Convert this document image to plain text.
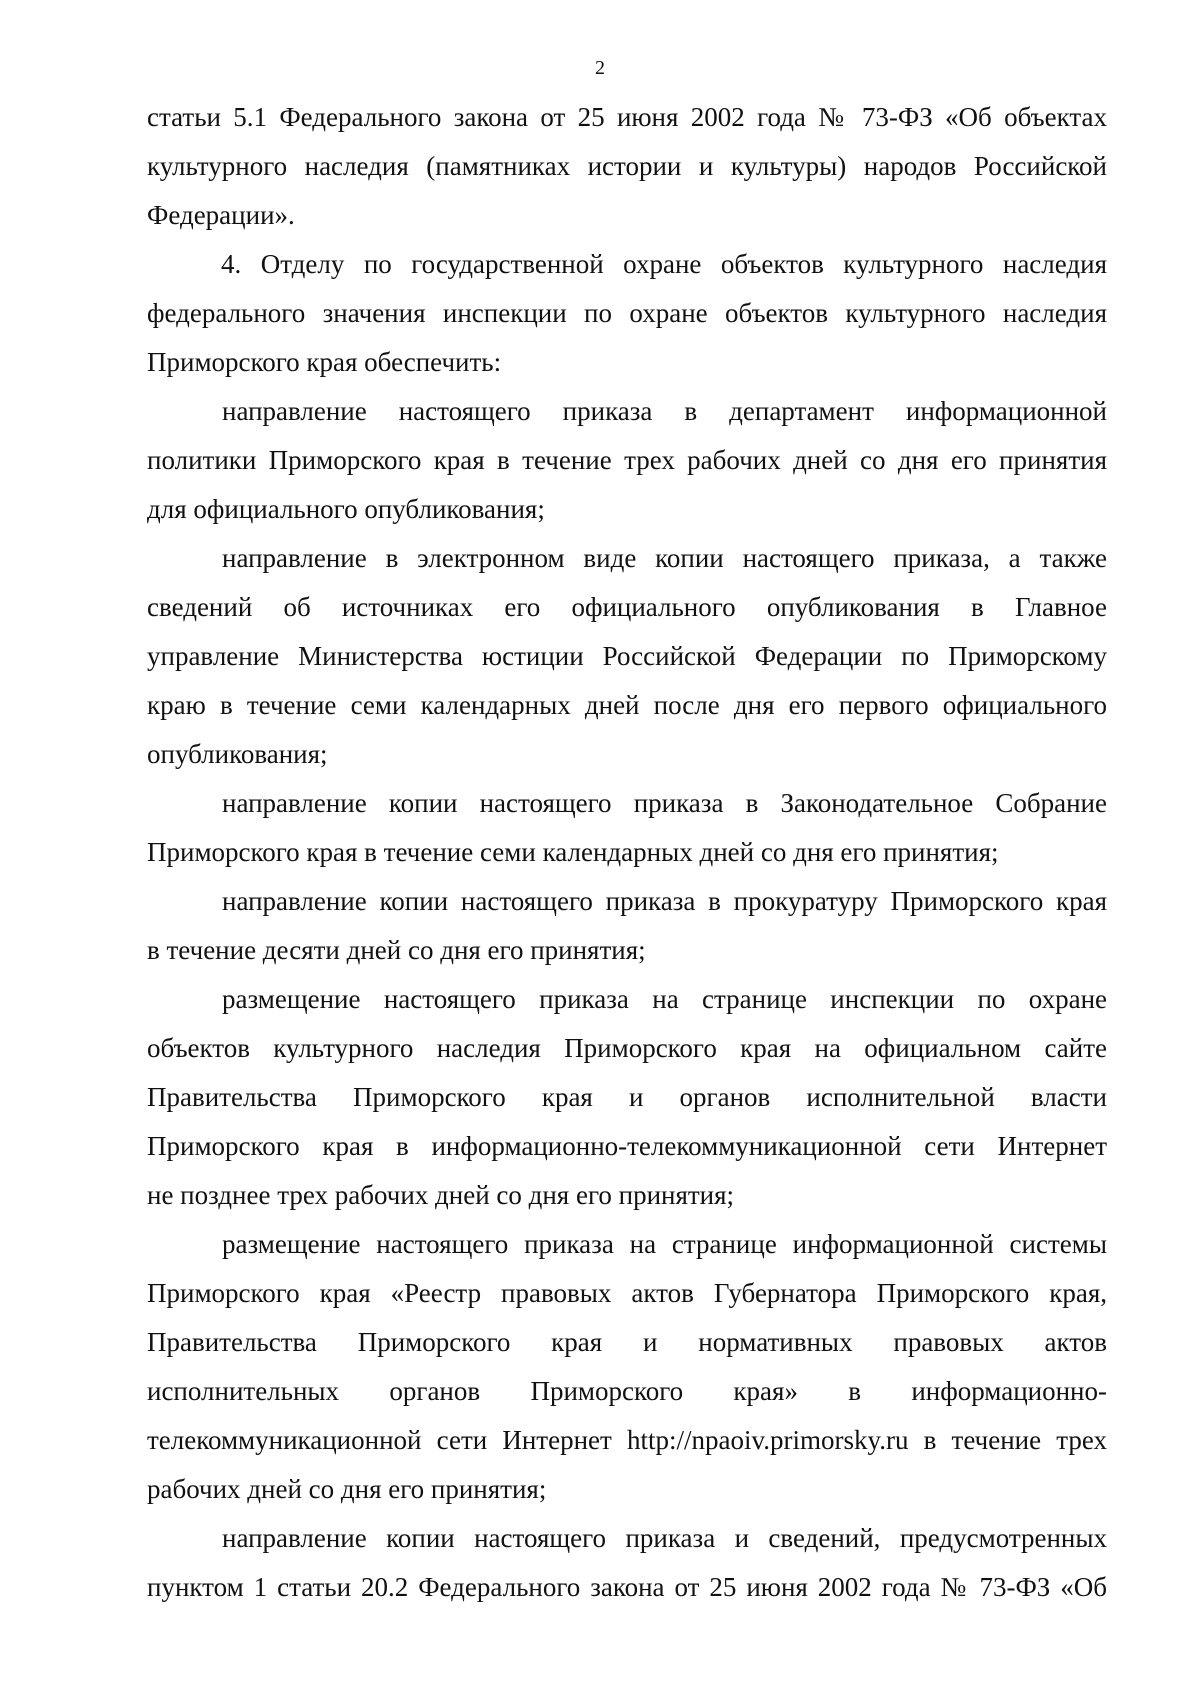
2
статьи 5.1 Федерального закона от 25 июня 2002 года № 73-ФЗ «Об объектах
культурного наследия (памятниках истории и культуры) народов Российской
Федерации».
4. Отделу по государственной охране объектов культурного наследия
федерального значения инспекции по охране объектов культурного наследия
Приморского края обеспечить:
направление настоящего приказа в департамент информационной
политики Приморского края в течение трех рабочих дней со дня его принятия
для официального опубликования;
направление в электронном виде копии настоящего приказа, а также
сведений об источниках его официального опубликования в Главное
управление Министерства юстиции Российской Федерации по Приморскому
краю в течение семи календарных дней после дня его первого официального
опубликования;
направление копии настоящего приказа в Законодательное Собрание
Приморского края в течение семи календарных дней со дня его принятия;
направление копии настоящего приказа в прокуратуру Приморского края
в течение десяти дней со дня его принятия;
размещение настоящего приказа на странице инспекции по охране
объектов культурного наследия Приморского края на официальном сайте
Правительства Приморского края и органов исполнительной власти
Приморского края в информационно-телекоммуникационной сети Интернет
не позднее трех рабочих дней со дня его принятия;
размещение настоящего приказа на странице информационной системы
Приморского края «Реестр правовых актов Губернатора Приморского края,
Правительства Приморского края и нормативных правовых актов
исполнительных органов Приморского края» в информационно-
телекоммуникационной сети Интернет http://npaoiv.primorsky.ru в течение трех
рабочих дней со дня его принятия;
направление копии настоящего приказа и сведений, предусмотренных
пунктом 1 статьи 20.2 Федерального закона от 25 июня 2002 года № 73-ФЗ «Об
